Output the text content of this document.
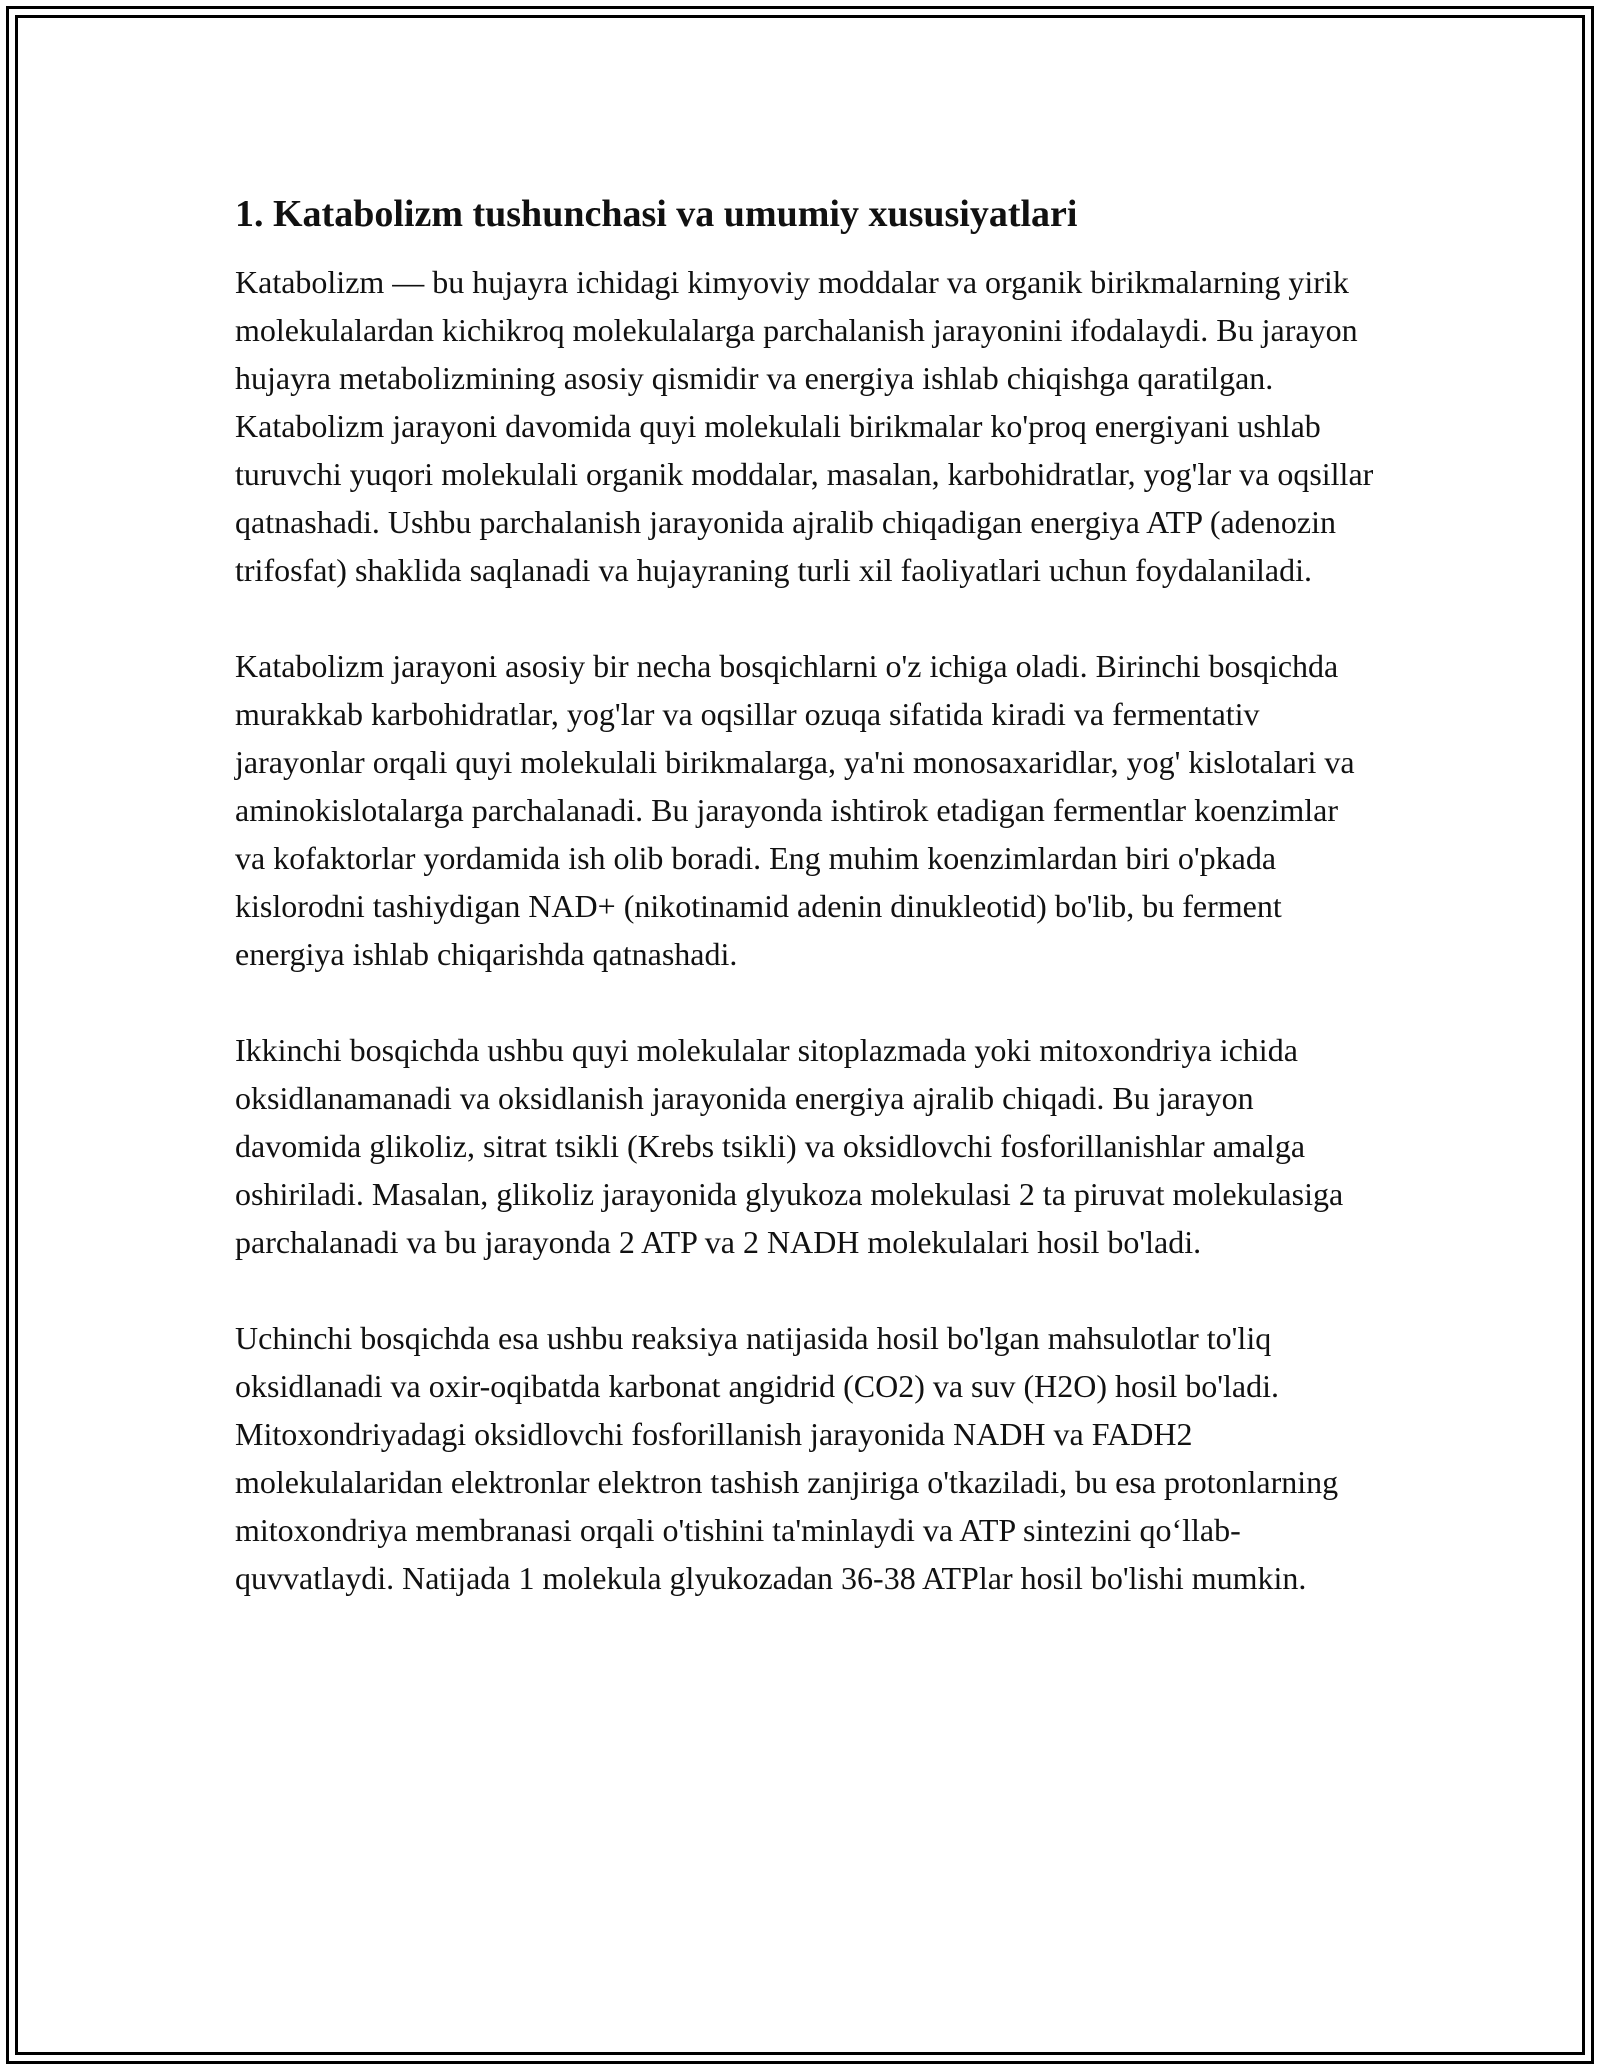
1. Katabolizm tushunchasi va umumiy xususiyatlari

Katabolizm — bu hujayra ichidagi kimyoviy moddalar va organik birikmalarning yirik molekulalardan kichikroq molekulalarga parchalanish jarayonini ifodalaydi. Bu jarayon hujayra metabolizmining asosiy qismidir va energiya ishlab chiqishga qaratilgan. Katabolizm jarayoni davomida quyi molekulali birikmalar ko'proq energiyani ushlab turuvchi yuqori molekulali organik moddalar, masalan, karbohidratlar, yog'lar va oqsillar qatnashadi. Ushbu parchalanish jarayonida ajralib chiqadigan energiya ATP (adenozin trifosfat) shaklida saqlanadi va hujayraning turli xil faoliyatlari uchun foydalaniladi.

Katabolizm jarayoni asosiy bir necha bosqichlarni o'z ichiga oladi. Birinchi bosqichda murakkab karbohidratlar, yog'lar va oqsillar ozuqa sifatida kiradi va fermentativ jarayonlar orqali quyi molekulali birikmalarga, ya'ni monosaxaridlar, yog' kislotalari va aminokislotalarga parchalanadi. Bu jarayonda ishtirok etadigan fermentlar koenzimlar va kofaktorlar yordamida ish olib boradi. Eng muhim koenzimlardan biri o'pkada kislorodni tashiydigan NAD+ (nikotinamid adenin dinukleotid) bo'lib, bu ferment energiya ishlab chiqarishda qatnashadi.

Ikkinchi bosqichda ushbu quyi molekulalar sitoplazmada yoki mitoxondriya ichida oksidlanamanadi va oksidlanish jarayonida energiya ajralib chiqadi. Bu jarayon davomida glikoliz, sitrat tsikli (Krebs tsikli) va oksidlovchi fosforillanishlar amalga oshiriladi. Masalan, glikoliz jarayonida glyukoza molekulasi 2 ta piruvat molekulasiga parchalanadi va bu jarayonda 2 ATP va 2 NADH molekulalari hosil bo'ladi.

Uchinchi bosqichda esa ushbu reaksiya natijasida hosil bo'lgan mahsulotlar to'liq oksidlanadi va oxir-oqibatda karbonat angidrid (CO2) va suv (H2O) hosil bo'ladi. Mitoxondriyadagi oksidlovchi fosforillanish jarayonida NADH va FADH2 molekulalaridan elektronlar elektron tashish zanjiriga o'tkaziladi, bu esa protonlarning mitoxondriya membranasi orqali o'tishini ta'minlaydi va ATP sintezini qo‘llab-quvvatlaydi. Natijada 1 molekula glyukozadan 36-38 ATPlar hosil bo'lishi mumkin.
